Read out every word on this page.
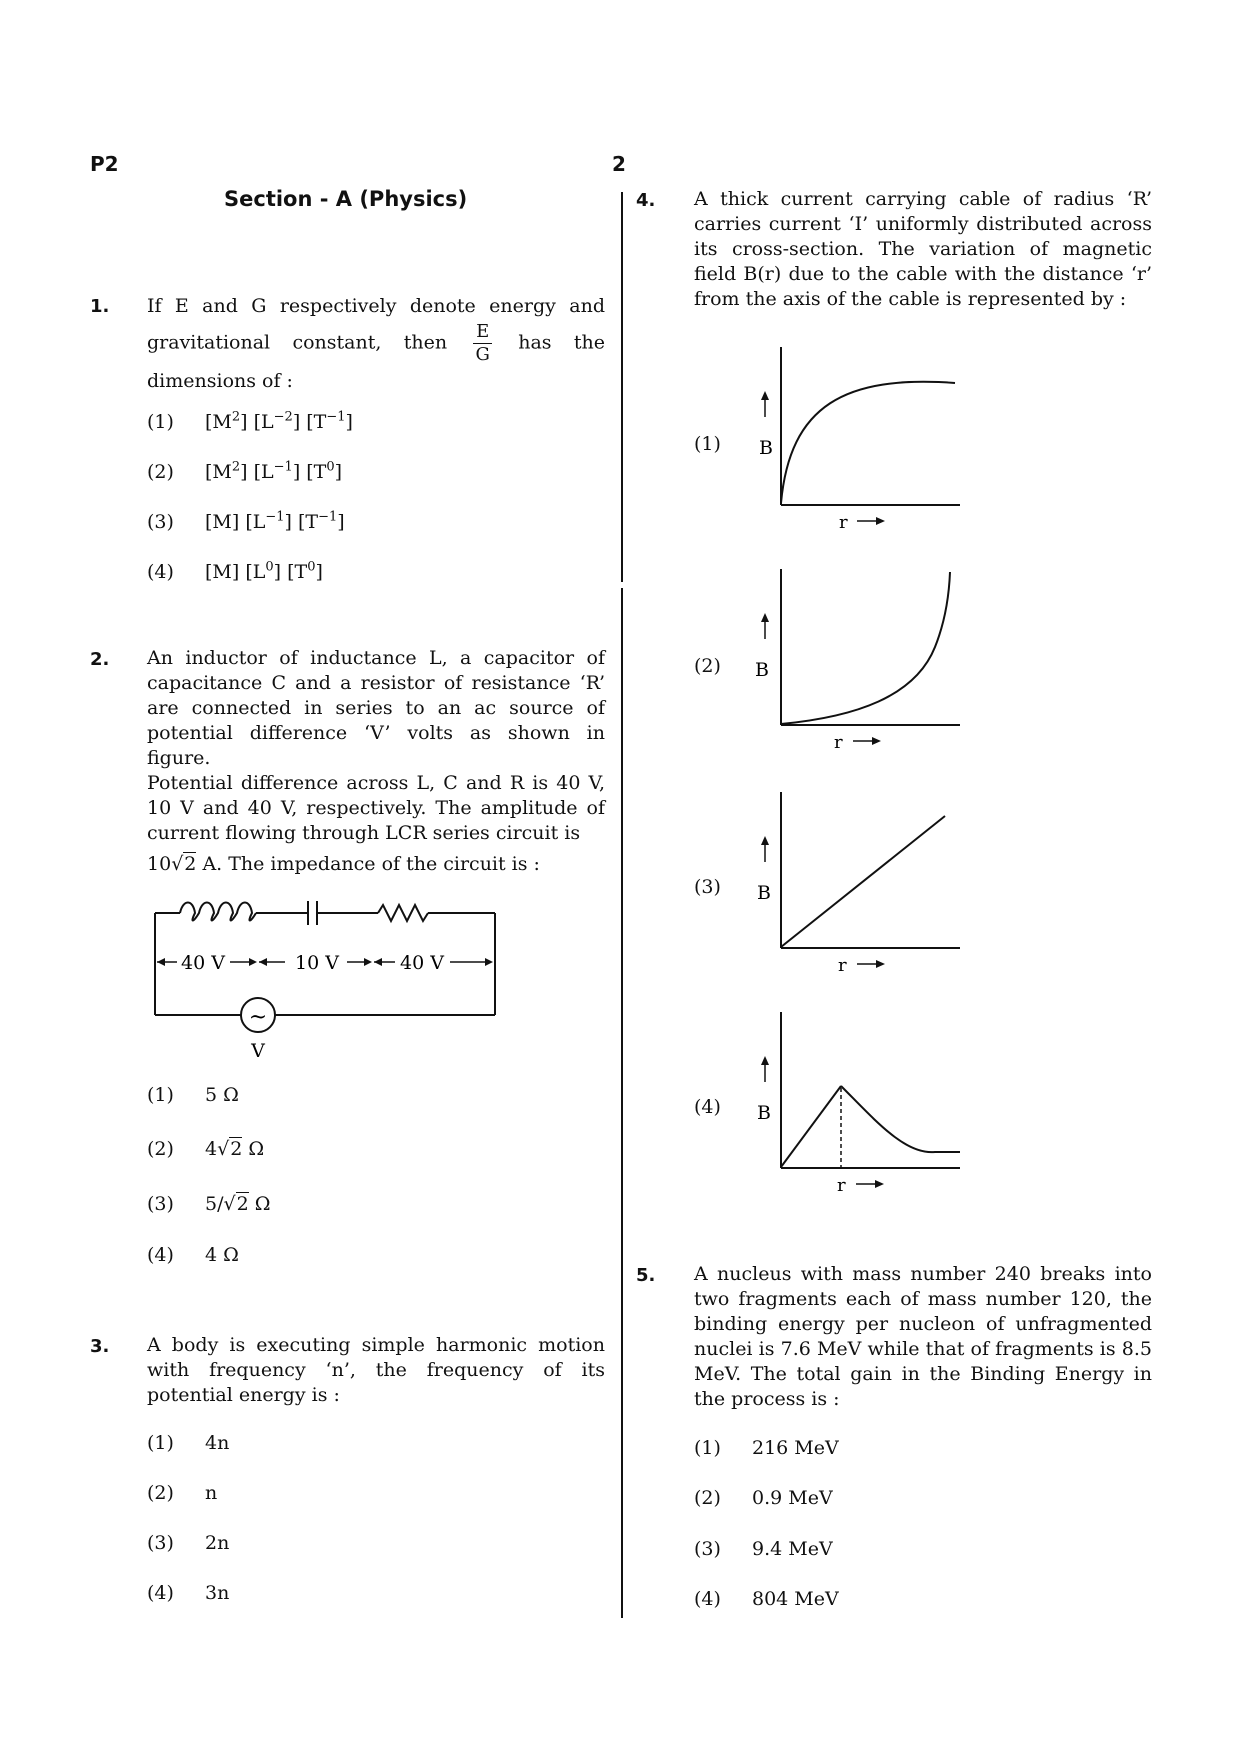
P2	2
Section - A (Physics)
1. If E and G respectively denote energy and gravitational constant, then $\frac{E}{G}$ has the dimensions of :
(1) $[M^2]$ $[L^{-2}]$ $[T^{-1}]$
(2) $[M^2]$ $[L^{-1}]$ $[T^0]$
(3) [M] $[L^{-1}]$ $[T^{-1}]$
(4) [M] $[L^0]$ $[T^0]$
2. An inductor of inductance L, a capacitor of capacitance C and a resistor of resistance ‘R’ are connected in series to an ac source of potential difference ‘V’ volts as shown in figure.

Potential difference across L, C and R is 40 V, 10 V and 40 V, respectively. The amplitude of current flowing through LCR series circuit is

10√2 A. The impedance of the circuit is :

~
V
40 V	10 V	40 V
(1) 5 Ω
(2) 4√2 Ω
(3) 5/√2 Ω
(4) 4 Ω
3. A body is executing simple harmonic motion with frequency ‘n’, the frequency of its potential energy is :
(1) 4n
(2) n
(3) 2n
(4) 3n
4. A thick current carrying cable of radius ‘R’ carries current ‘I’ uniformly distributed across its cross-section. The variation of magnetic field B(r) due to the cable with the distance ‘r’ from the axis of the cable is represented by :
(1) B
r
(2) B
r
(3) B
r
(4) B
r
5. A nucleus with mass number 240 breaks into two fragments each of mass number 120, the binding energy per nucleon of unfragmented nuclei is 7.6 MeV while that of fragments is 8.5 MeV. The total gain in the Binding Energy in the process is :
(1) 216 MeV
(2) 0.9 MeV
(3) 9.4 MeV
(4) 804 MeV
